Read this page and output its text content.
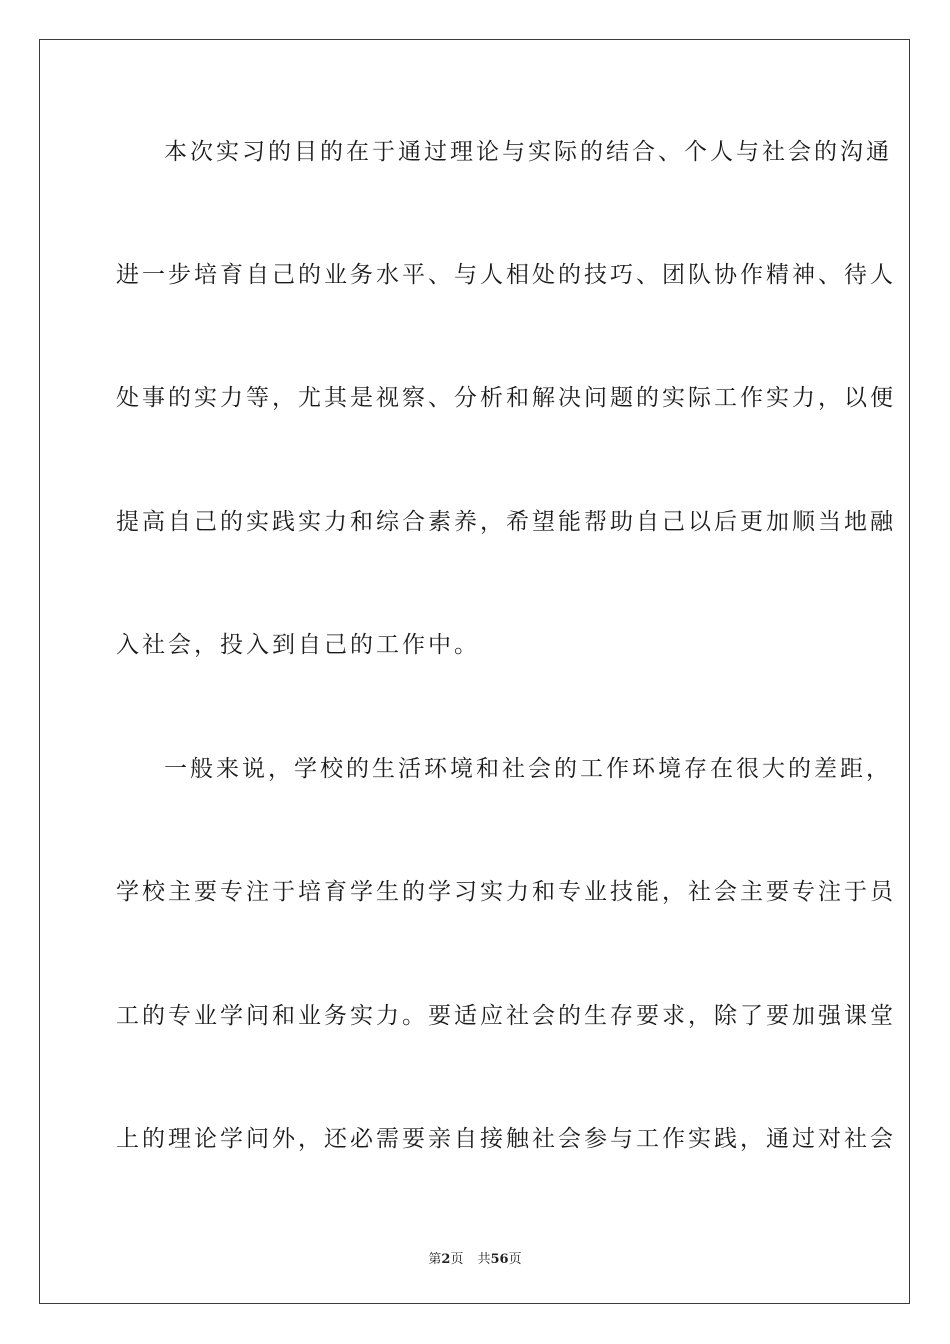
本次实习的目的在于通过理论与实际的结合、个人与社会的沟通
进一步培育自己的业务水平、与人相处的技巧、团队协作精神、待人
处事的实力等，尤其是视察、分析和解决问题的实际工作实力，以便
提高自己的实践实力和综合素养，希望能帮助自己以后更加顺当地融
入社会，投入到自己的工作中。
一般来说，学校的生活环境和社会的工作环境存在很大的差距，
学校主要专注于培育学生的学习实力和专业技能，社会主要专注于员
工的专业学问和业务实力。要适应社会的生存要求，除了要加强课堂
上的理论学问外，还必需要亲自接触社会参与工作实践，通过对社会
第2页 共56页
